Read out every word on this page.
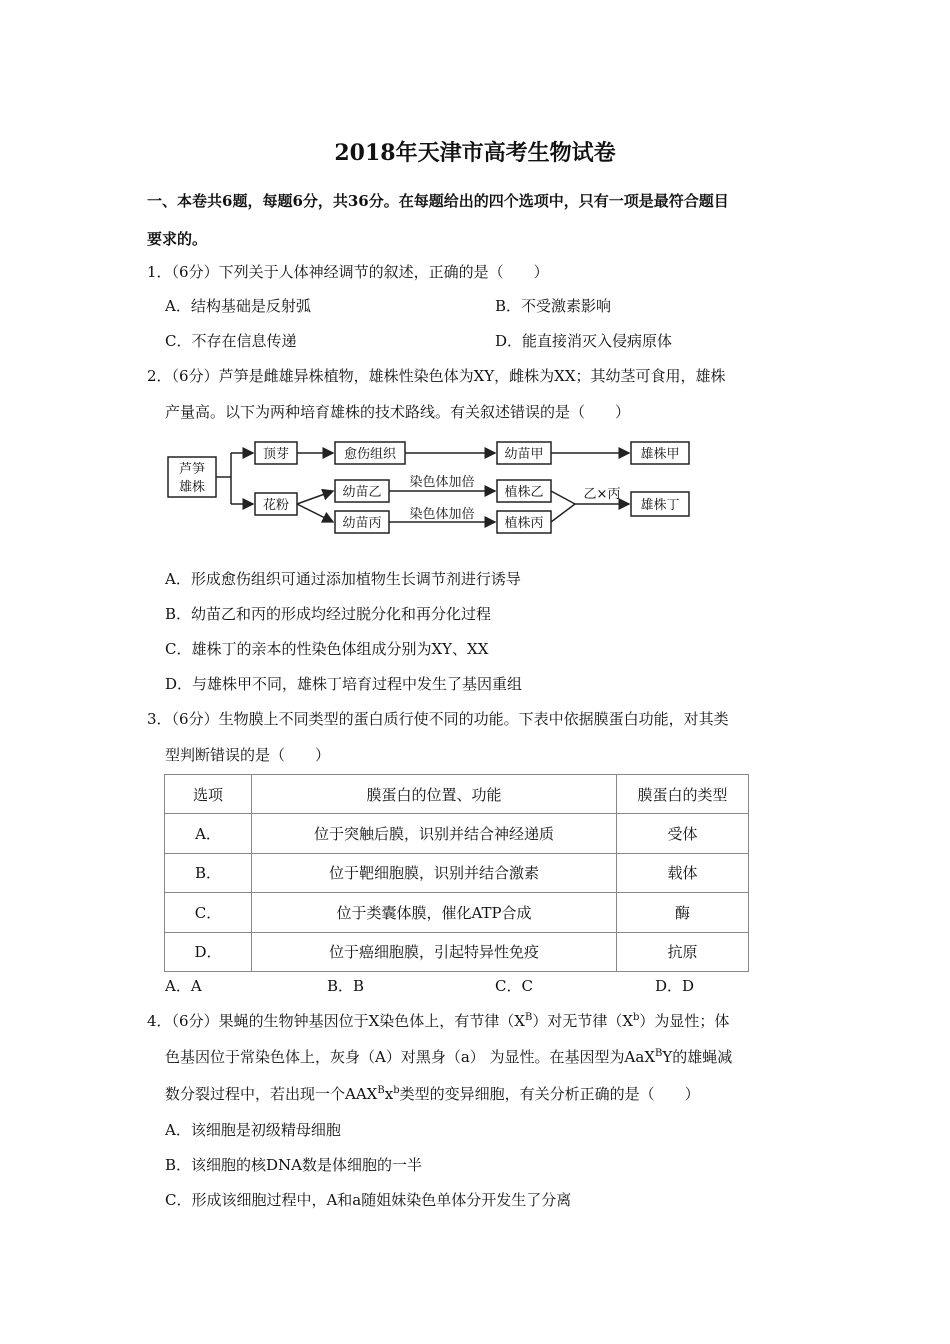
2018年天津市高考生物试卷
一、本卷共6题，每题6分，共36分。在每题给出的四个选项中，只有一项是最符合题目
要求的。
1．（6分）下列关于人体神经调节的叙述，正确的是（　　）
A．结构基础是反射弧	B．不受激素影响
C．不存在信息传递	D．能直接消灭入侵病原体
2．（6分）芦笋是雌雄异株植物，雄株性染色体为XY，雌株为XX；其幼茎可食用，雄株
产量高。以下为两种培育雄株的技术路线。有关叙述错误的是（　　）
芦笋
雄株
顶芽	愈伤组织	幼苗甲	雄株甲
花粉
幼苗乙
幼苗丙
染色体加倍
染色体加倍
植株乙
植株丙
乙×丙
雄株丁
A．形成愈伤组织可通过添加植物生长调节剂进行诱导
B．幼苗乙和丙的形成均经过脱分化和再分化过程
C．雄株丁的亲本的性染色体组成分别为XY、XX
D．与雄株甲不同，雄株丁培育过程中发生了基因重组
3．（6分）生物膜上不同类型的蛋白质行使不同的功能。下表中依据膜蛋白功能，对其类
型判断错误的是（　　）
选项	膜蛋白的位置、功能	膜蛋白的类型
A．	位于突触后膜，识别并结合神经递质	受体
B．	位于靶细胞膜，识别并结合激素	载体
C．	位于类囊体膜，催化ATP合成	酶
D．	位于癌细胞膜，引起特异性免疫	抗原
A．A	B．B	C．C	D．D
4．（6分）果蝇的生物钟基因位于X染色体上，有节律$(X^B)$对无节律$(X^b)$为显性；体
色基因位于常染色体上，灰身（A）对黑身（a） 为显性。在基因型为AaX$^B$Y的雄蝇减
数分裂过程中，若出现一个$AAX^Bx^b$类型的变异细胞，有关分析正确的是（　　）
A．该细胞是初级精母细胞
B．该细胞的核DNA数是体细胞的一半
C．形成该细胞过程中，A和a随姐妹染色单体分开发生了分离
